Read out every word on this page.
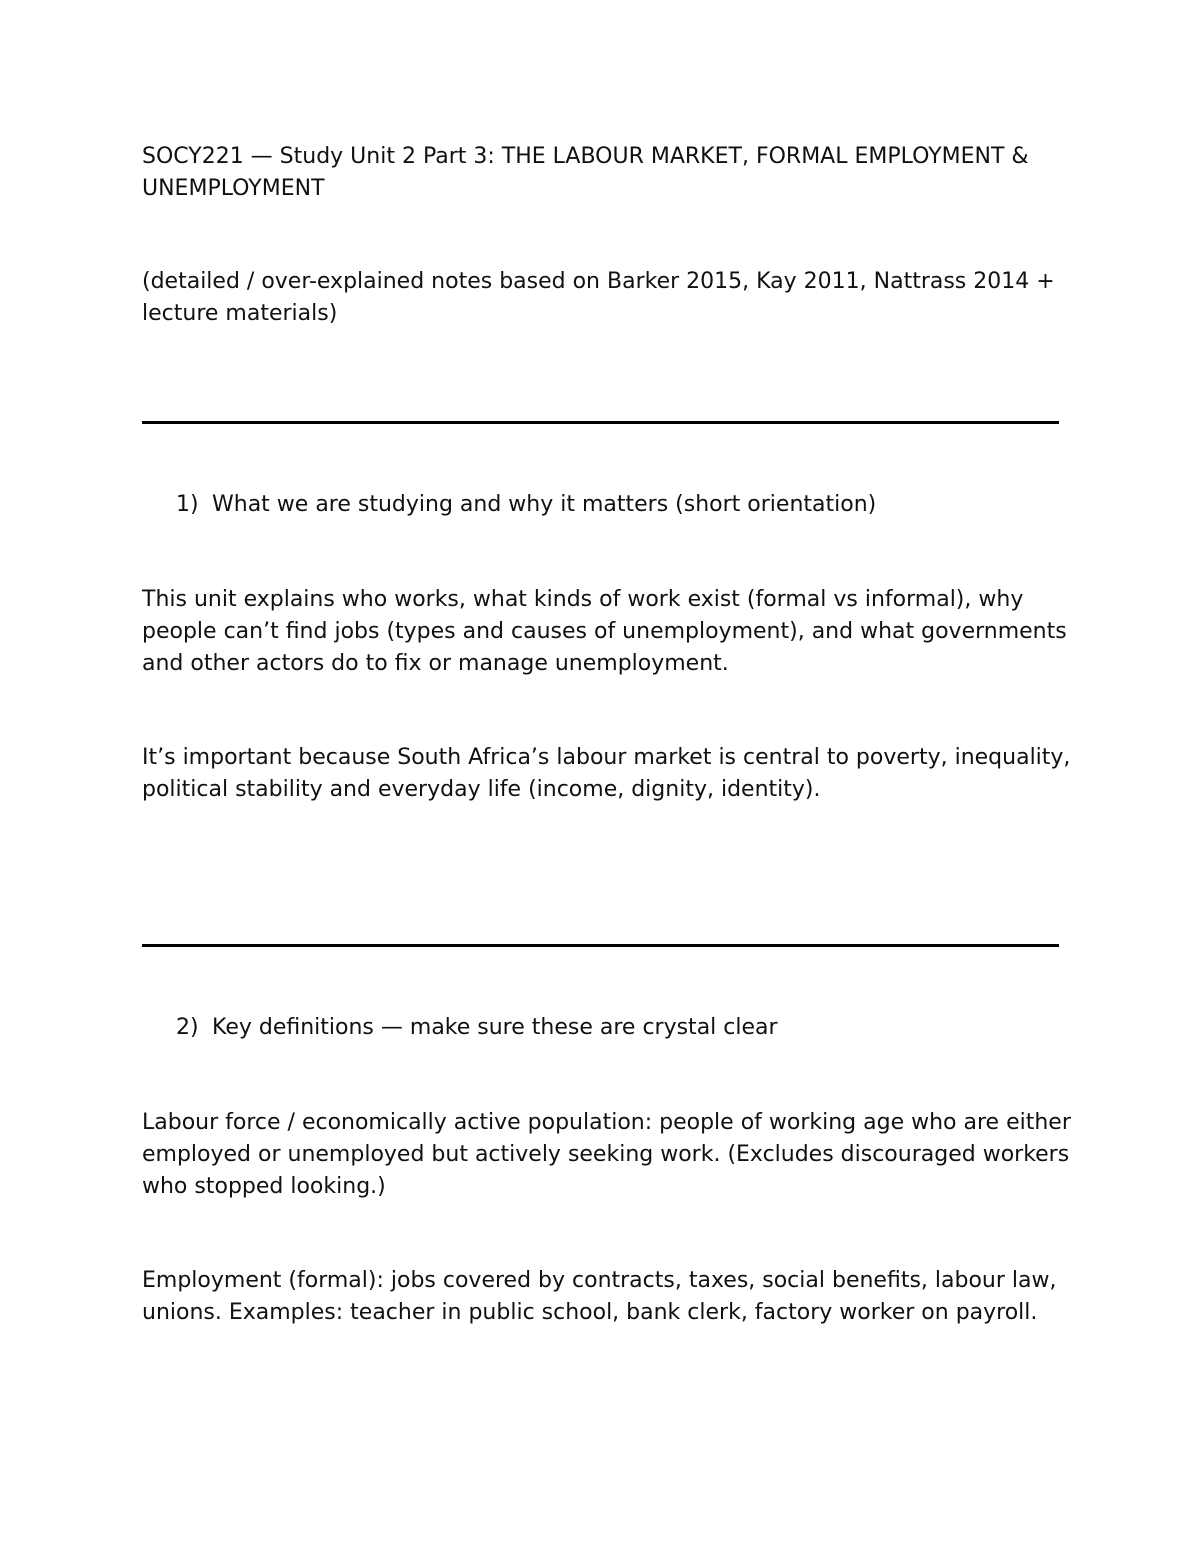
SOCY221 — Study Unit 2 Part 3: THE LABOUR MARKET, FORMAL EMPLOYMENT & UNEMPLOYMENT

(detailed / over-explained notes based on Barker 2015, Kay 2011, Nattrass 2014 + lecture materials)

1) What we are studying and why it matters (short orientation)

This unit explains who works, what kinds of work exist (formal vs informal), why people can’t find jobs (types and causes of unemployment), and what governments and other actors do to fix or manage unemployment.

It’s important because South Africa’s labour market is central to poverty, inequality, political stability and everyday life (income, dignity, identity).

2) Key definitions — make sure these are crystal clear

Labour force / economically active population: people of working age who are either employed or unemployed but actively seeking work. (Excludes discouraged workers who stopped looking.)

Employment (formal): jobs covered by contracts, taxes, social benefits, labour law, unions. Examples: teacher in public school, bank clerk, factory worker on payroll.
